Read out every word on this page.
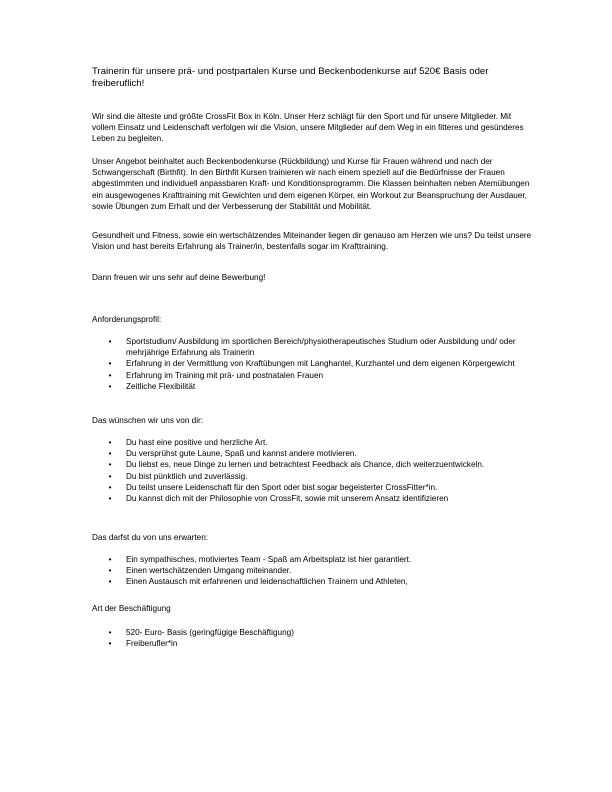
Trainerin für unsere prä- und postpartalen Kurse und Beckenbodenkurse auf 520€ Basis oder freiberuflich!

Wir sind die älteste und größte CrossFit Box in Köln. Unser Herz schlägt für den Sport und für unsere Mitglieder. Mit vollem Einsatz und Leidenschaft verfolgen wir die Vision, unsere Mitglieder auf dem Weg in ein fitteres und gesünderes Leben zu begleiten.

Unser Angebot beinhaltet auch Beckenbodenkurse (Rückbildung) und Kurse für Frauen während und nach der Schwangerschaft (Birthfit). In den Birthfit Kursen trainieren wir nach einem speziell auf die Bedürfnisse der Frauen abgestimmten und individuell anpassbaren Kraft- und Konditionsprogramm. Die Klassen beinhalten neben Atemübungen ein ausgewogenes Krafttraining mit Gewichten und dem eigenen Körper, ein Workout zur Beanspruchung der Ausdauer, sowie Übungen zum Erhalt und der Verbesserung der Stabilität und Mobilität.

Gesundheit und Fitness, sowie ein wertschätzendes Miteinander liegen dir genauso am Herzen wie uns? Du teilst unsere Vision und hast bereits Erfahrung als Trainer/in, bestenfalls sogar im Krafttraining.

Dann freuen wir uns sehr auf deine Bewerbung!

Anforderungsprofil:

•	Sportstudium/ Ausbildung im sportlichen Bereich/physiotherapeutisches Studium oder Ausbildung und/ oder mehrjährige Erfahrung als Trainerin
•	Erfahrung in der Vermittlung von Kraftübungen mit Langhantel, Kurzhantel und dem eigenen Körpergewicht
•	Erfahrung im Training mit prä- und postnatalen Frauen
•	Zeitliche Flexibilität

Das wünschen wir uns von dir:

•	Du hast eine positive und herzliche Art.
•	Du versprühst gute Laune, Spaß und kannst andere motivieren.
•	Du liebst es, neue Dinge zu lernen und betrachtest Feedback als Chance, dich weiterzuentwickeln.
•	Du bist pünktlich und zuverlässig.
•	Du teilst unsere Leidenschaft für den Sport oder bist sogar begeisterter CrossFitter*in.
•	Du kannst dich mit der Philosophie von CrossFit, sowie mit unserem Ansatz identifizieren

Das darfst du von uns erwarten:

•	Ein sympathisches, motiviertes Team - Spaß am Arbeitsplatz ist hier garantiert.
•	Einen wertschätzenden Umgang miteinander.
•	Einen Austausch mit erfahrenen und leidenschaftlichen Trainern und Athleten,

Art der Beschäftigung

•	520- Euro- Basis (geringfügige Beschäftigung)
•	Freiberufler*in
